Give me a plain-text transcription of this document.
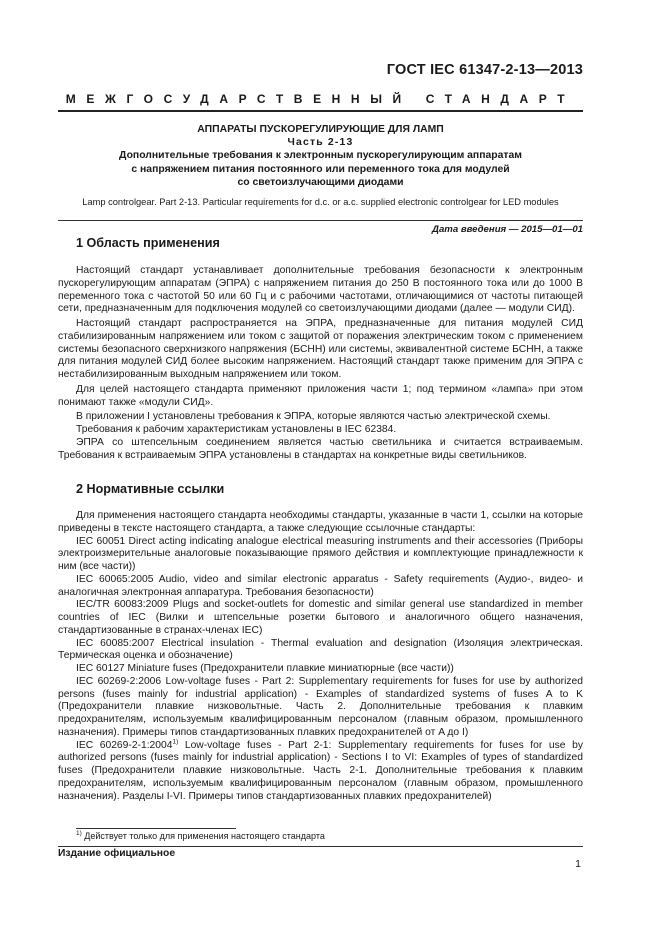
ГОСТ IEC 61347-2-13—2013
МЕЖГОСУДАРСТВЕННЫЙ СТАНДАРТ
АППАРАТЫ ПУСКОРЕГУЛИРУЮЩИЕ ДЛЯ ЛАМП
Часть 2-13
Дополнительные требования к электронным пускорегулирующим аппаратам
с напряжением питания постоянного или переменного тока для модулей
со светоизлучающими диодами
Lamp controlgear. Part 2-13. Particular requirements for d.c. or a.c. supplied electronic controlgear for LED modules
Дата введения — 2015—01—01
1 Область применения

Настоящий стандарт устанавливает дополнительные требования безопасности к электронным пускорегулирующим аппаратам (ЭПРА) с напряжением питания до 250 В постоянного тока или до 1000 В переменного тока с частотой 50 или 60 Гц и с рабочими частотами, отличающимися от частоты питающей сети, предназначенным для подключения модулей со светоизлучающими диодами (далее — модули СИД).

Настоящий стандарт распространяется на ЭПРА, предназначенные для питания модулей СИД стабилизированным напряжением или током с защитой от поражения электрическим током с применением системы безопасного сверхнизкого напряжения (БСНН) или системы, эквивалентной системе БСНН, а также для питания модулей СИД более высоким напряжением. Настоящий стандарт также применим для ЭПРА с нестабилизированным выходным напряжением или током.

Для целей настоящего стандарта применяют приложения части 1; под термином «лампа» при этом понимают также «модули СИД».

В приложении I установлены требования к ЭПРА, которые являются частью электрической схемы.

Требования к рабочим характеристикам установлены в IEC 62384.

ЭПРА со штепсельным соединением является частью светильника и считается встраиваемым. Требования к встраиваемым ЭПРА установлены в стандартах на конкретные виды светильников.

2 Нормативные ссылки

Для применения настоящего стандарта необходимы стандарты, указанные в части 1, ссылки на которые приведены в тексте настоящего стандарта, а также следующие ссылочные стандарты:

IEC 60051 Direct acting indicating analogue electrical measuring instruments and their accessories (Приборы электроизмерительные аналоговые показывающие прямого действия и комплектующие принадлежности к ним (все части))

IEC 60065:2005 Audio, video and similar electronic apparatus - Safety requirements (Аудио-, видео- и аналогичная электронная аппаратура. Требования безопасности)

IEC/TR 60083:2009 Plugs and socket-outlets for domestic and similar general use standardized in member countries of IEC (Вилки и штепсельные розетки бытового и аналогичного общего назначения, стандартизованные в странах-членах IEC)

IEC 60085:2007 Electrical insulation - Thermal evaluation and designation (Изоляция электрическая. Термическая оценка и обозначение)

IEC 60127 Miniature fuses (Предохранители плавкие миниатюрные (все части))

IEC 60269-2:2006 Low-voltage fuses - Part 2: Supplementary requirements for fuses for use by authorized persons (fuses mainly for industrial application) - Examples of standardized systems of fuses A to K (Предохранители плавкие низковольтные. Часть 2. Дополнительные требования к плавким предохранителям, используемым квалифицированным персоналом (главным образом, промышленного назначения). Примеры типов стандартизованных плавких предохранителей от A до I)

IEC 60269-2-1:2004$^{1)}$ Low-voltage fuses - Part 2-1: Supplementary requirements for fuses for use by authorized persons (fuses mainly for industrial application) - Sections I to VI: Examples of types of standardized fuses (Предохранители плавкие низковольтные. Часть 2-1. Дополнительные требования к плавким предохранителям, используемым квалифицированным персоналом (главным образом, промышленного назначения). Разделы I-VI. Примеры типов стандартизованных плавких предохранителей)

$^{1)}$ Действует только для применения настоящего стандарта
Издание официальное
1
